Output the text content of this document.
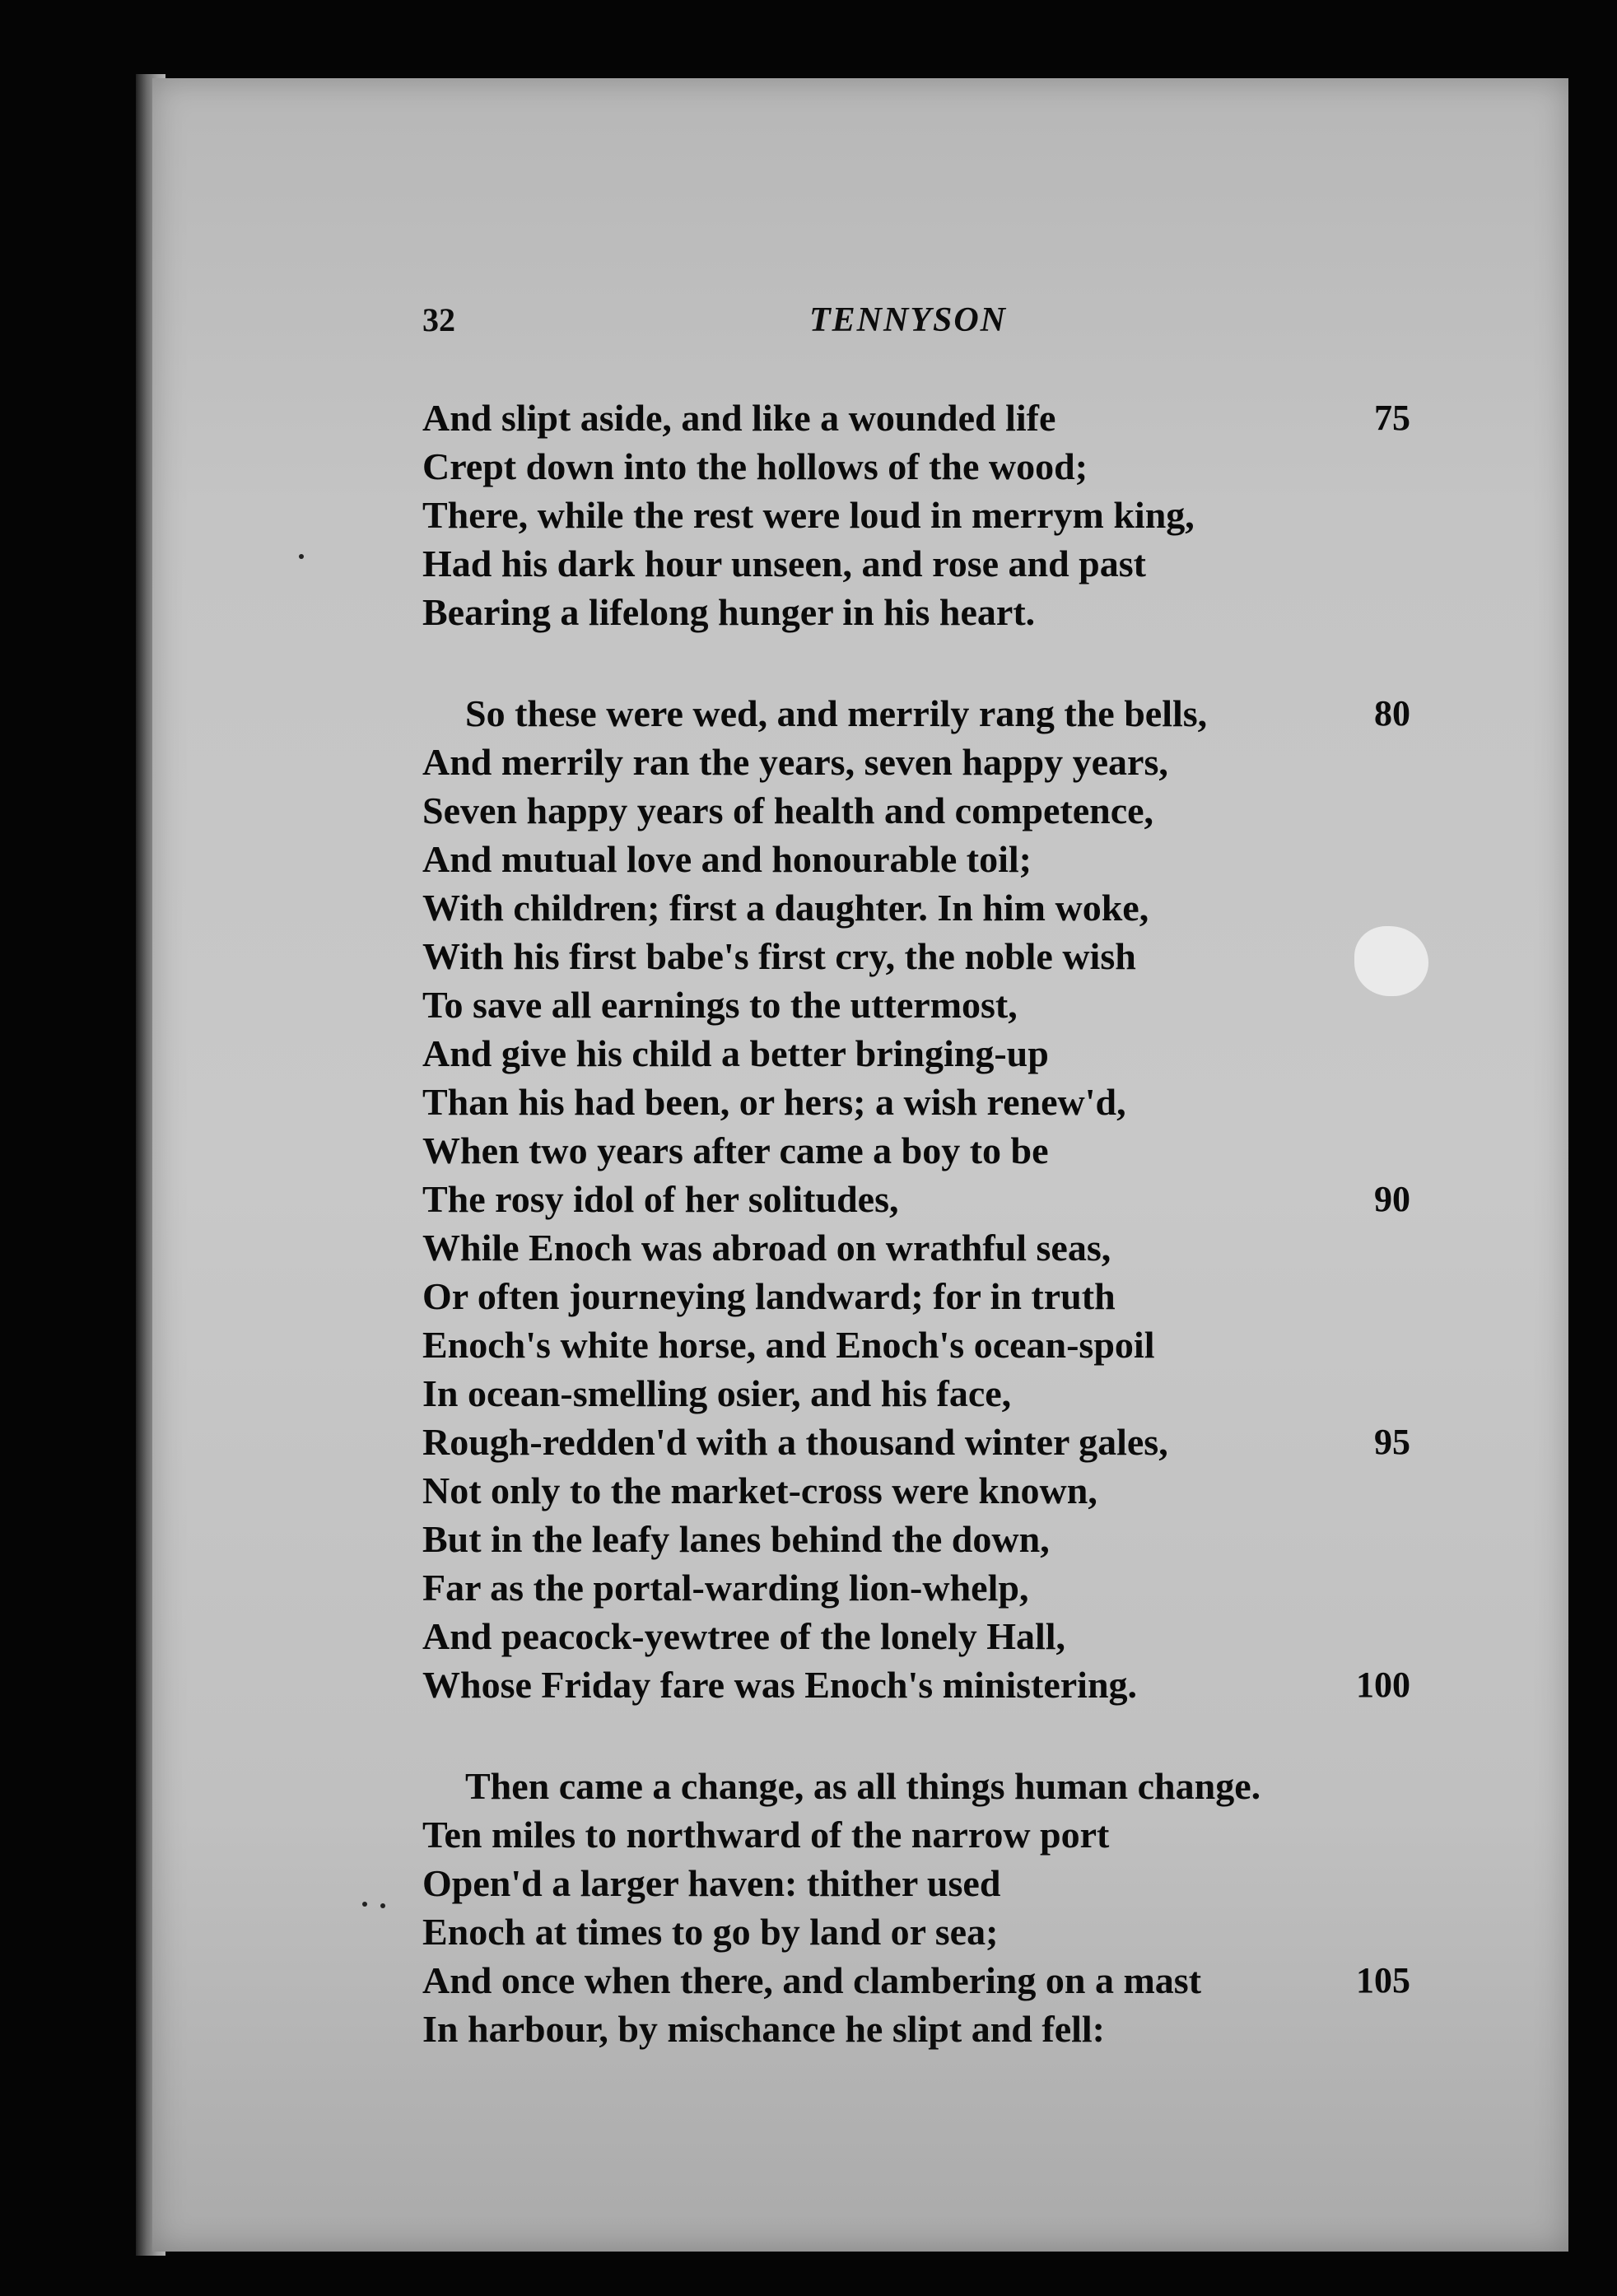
32	TENNYSON
And slipt aside, and like a wounded life	75
Crept down into the hollows of the wood;
There, while the rest were loud in merrym king,
Had his dark hour unseen, and rose and past
Bearing a lifelong hunger in his heart.
So these were wed, and merrily rang the bells,	80
And merrily ran the years, seven happy years,
Seven happy years of health and competence,
And mutual love and honourable toil;
With children; first a daughter. In him woke,
With his first babe's first cry, the noble wish
To save all earnings to the uttermost,
And give his child a better bringing-up
Than his had been, or hers; a wish renew'd,
When two years after came a boy to be
The rosy idol of her solitudes,	90
While Enoch was abroad on wrathful seas,
Or often journeying landward; for in truth
Enoch's white horse, and Enoch's ocean-spoil
In ocean-smelling osier, and his face,
Rough-redden'd with a thousand winter gales,	95
Not only to the market-cross were known,
But in the leafy lanes behind the down,
Far as the portal-warding lion-whelp,
And peacock-yewtree of the lonely Hall,
Whose Friday fare was Enoch's ministering.	100
Then came a change, as all things human change.
Ten miles to northward of the narrow port
Open'd a larger haven: thither used
Enoch at times to go by land or sea;
And once when there, and clambering on a mast	105
In harbour, by mischance he slipt and fell:
